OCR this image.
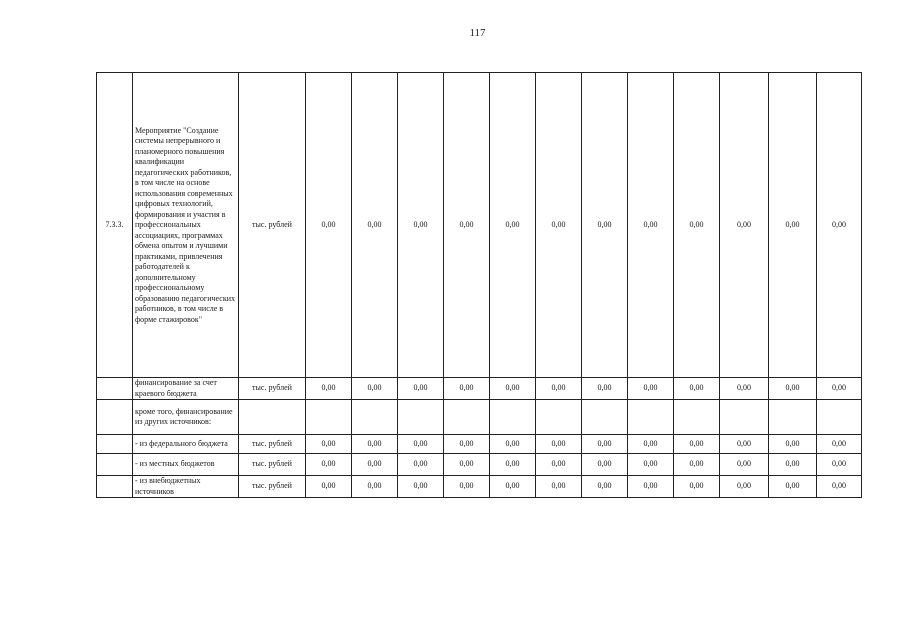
117
7.3.3.	Мероприятие "Создание системы непрерывного и планомерного повышения квалификации педагогических работников, в том числе на основе использования современных цифровых технологий, формирования и участия в профессиональных ассоциациях, программах обмена опытом и лучшими практиками, привлечения работодателей к дополнительному профессиональному образованию педагогических работников, в том числе в форме стажировок"	тыс. рублей	0,00	0,00	0,00	0,00	0,00	0,00	0,00	0,00	0,00	0,00	0,00	0,00
	финансирование за счет краевого бюджета	тыс. рублей	0,00	0,00	0,00	0,00	0,00	0,00	0,00	0,00	0,00	0,00	0,00	0,00
	кроме того, финансирование из других источников:													
	- из федерального бюджета	тыс. рублей	0,00	0,00	0,00	0,00	0,00	0,00	0,00	0,00	0,00	0,00	0,00	0,00
	- из местных бюджетов	тыс. рублей	0,00	0,00	0,00	0,00	0,00	0,00	0,00	0,00	0,00	0,00	0,00	0,00
	- из внебюджетных источников	тыс. рублей	0,00	0,00	0,00	0,00	0,00	0,00	0,00	0,00	0,00	0,00	0,00	0,00
